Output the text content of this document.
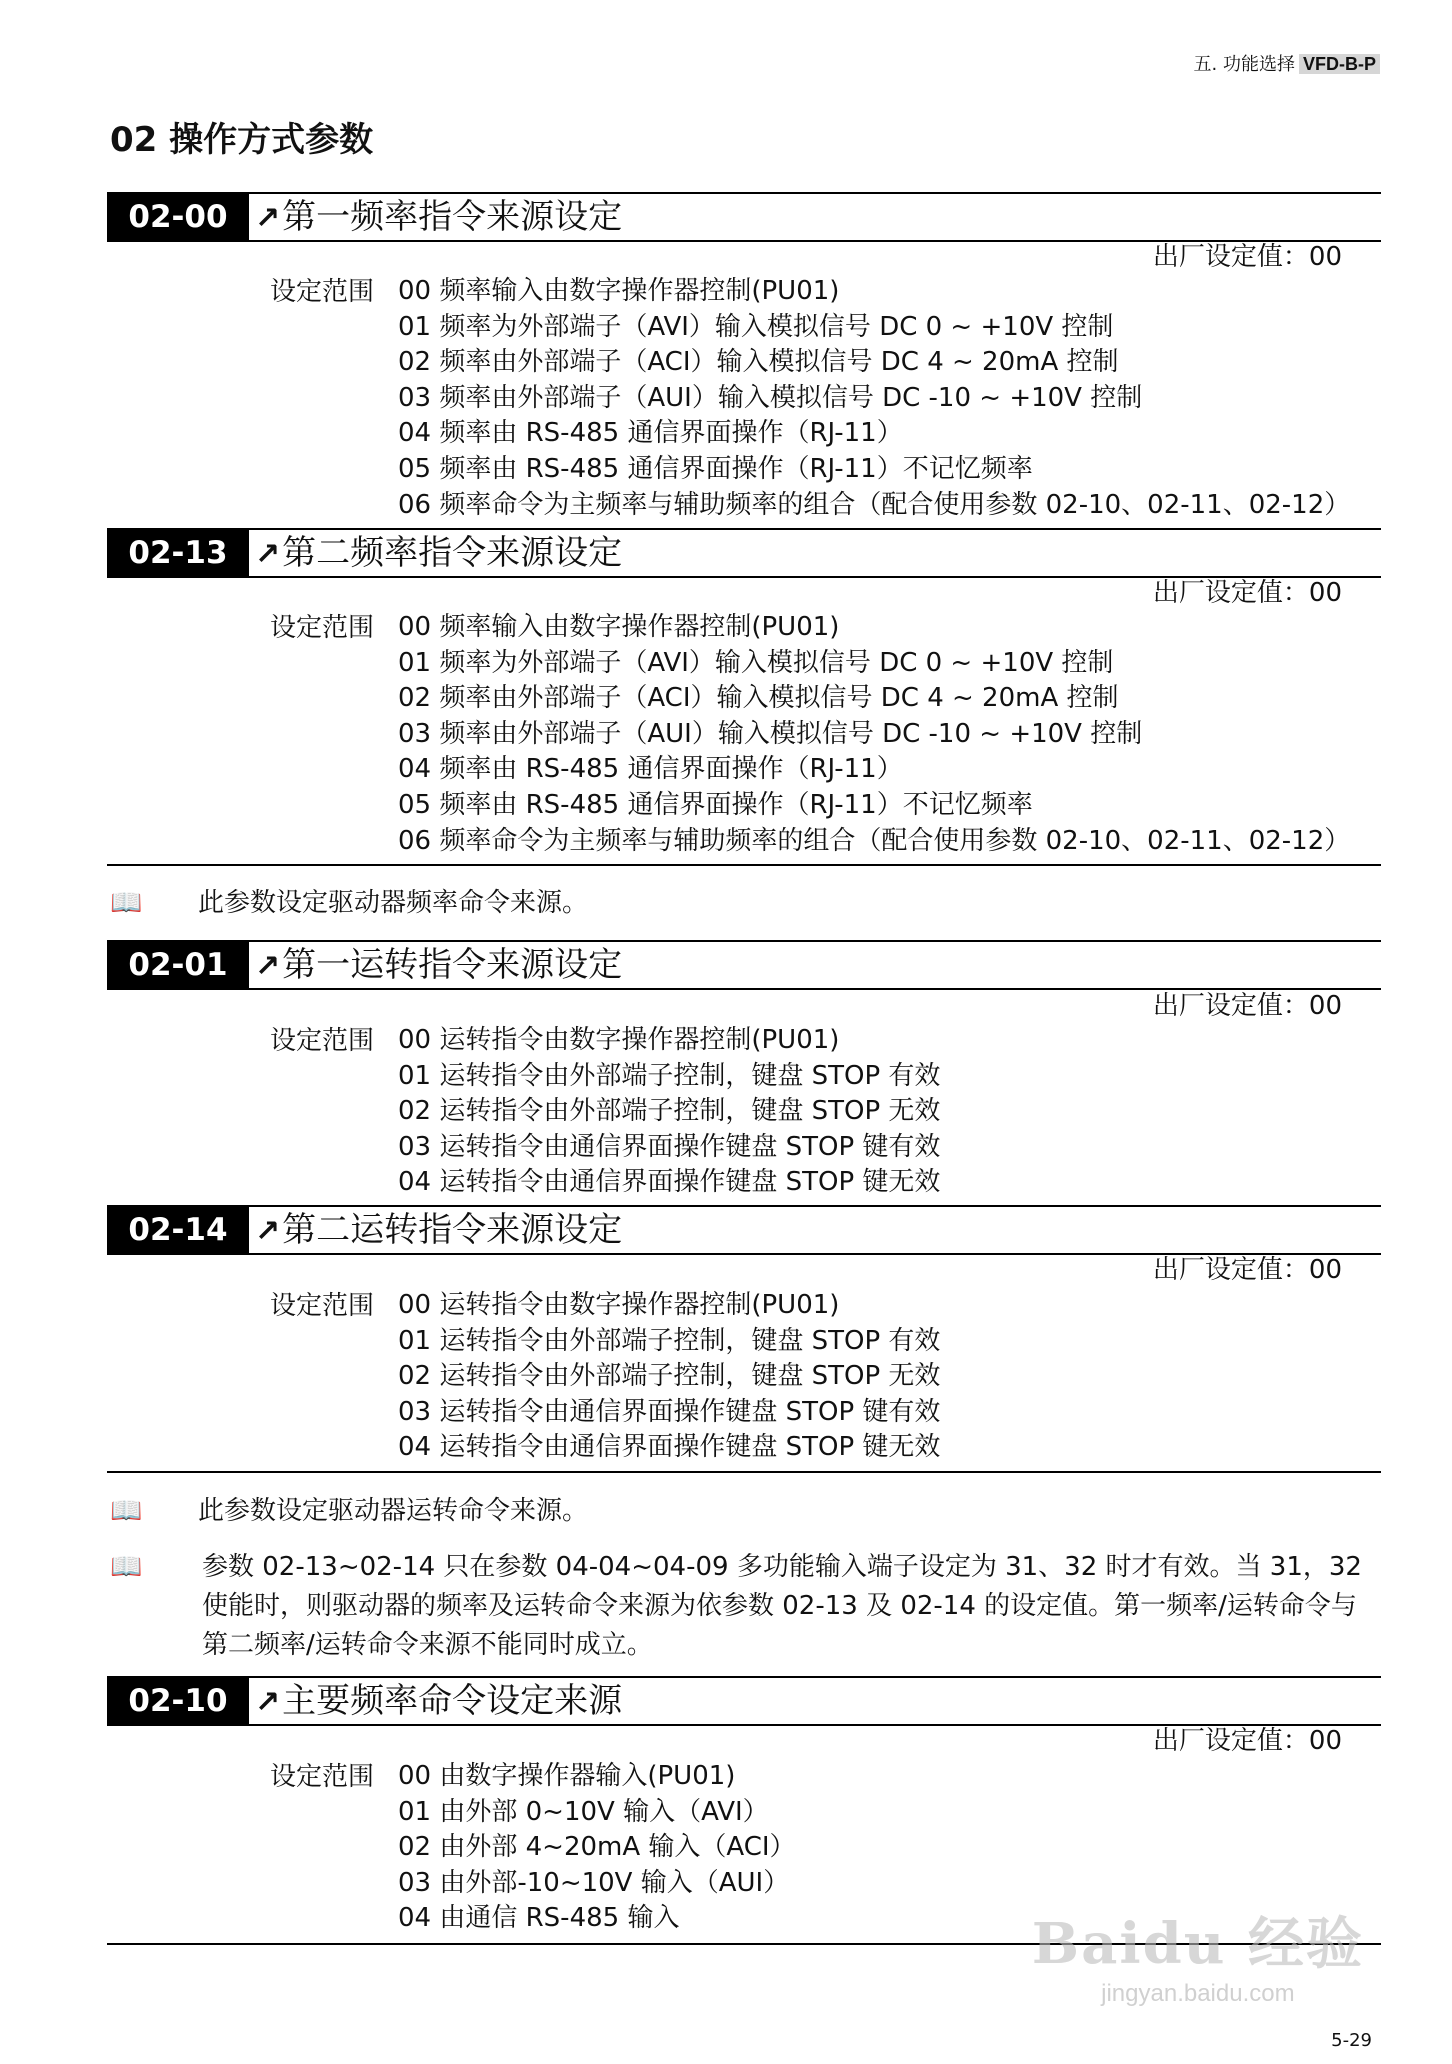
五. 功能选择 VFD-B-P
02 操作方式参数
02-00 ↗第一频率指令来源设定
出厂设定值：00
设定范围 00 频率输入由数字操作器控制(PU01)
01 频率为外部端子（AVI）输入模拟信号 DC 0 ~ +10V 控制
02 频率由外部端子（ACI）输入模拟信号 DC 4 ~ 20mA 控制
03 频率由外部端子（AUI）输入模拟信号 DC -10 ~ +10V 控制
04 频率由 RS-485 通信界面操作（RJ-11）
05 频率由 RS-485 通信界面操作（RJ-11）不记忆频率
06 频率命令为主频率与辅助频率的组合（配合使用参数 02-10、02-11、02-12）
02-13 ↗第二频率指令来源设定
出厂设定值：00
设定范围 00 频率输入由数字操作器控制(PU01)
01 频率为外部端子（AVI）输入模拟信号 DC 0 ~ +10V 控制
02 频率由外部端子（ACI）输入模拟信号 DC 4 ~ 20mA 控制
03 频率由外部端子（AUI）输入模拟信号 DC -10 ~ +10V 控制
04 频率由 RS-485 通信界面操作（RJ-11）
05 频率由 RS-485 通信界面操作（RJ-11）不记忆频率
06 频率命令为主频率与辅助频率的组合（配合使用参数 02-10、02-11、02-12）
📖 此参数设定驱动器频率命令来源。
02-01 ↗第一运转指令来源设定
出厂设定值：00
设定范围 00 运转指令由数字操作器控制(PU01)
01 运转指令由外部端子控制，键盘 STOP 有效
02 运转指令由外部端子控制，键盘 STOP 无效
03 运转指令由通信界面操作键盘 STOP 键有效
04 运转指令由通信界面操作键盘 STOP 键无效
02-14 ↗第二运转指令来源设定
出厂设定值：00
设定范围 00 运转指令由数字操作器控制(PU01)
01 运转指令由外部端子控制，键盘 STOP 有效
02 运转指令由外部端子控制，键盘 STOP 无效
03 运转指令由通信界面操作键盘 STOP 键有效
04 运转指令由通信界面操作键盘 STOP 键无效
📖 此参数设定驱动器运转命令来源。
📖 参数 02-13~02-14 只在参数 04-04~04-09 多功能输入端子设定为 31、32 时才有效。当 31，32 使能时，则驱动器的频率及运转命令来源为依参数 02-13 及 02-14 的设定值。第一频率/运转命令与第二频率/运转命令来源不能同时成立。
02-10 ↗主要频率命令设定来源
出厂设定值：00
设定范围 00 由数字操作器输入(PU01)
01 由外部 0~10V 输入（AVI）
02 由外部 4~20mA 输入（ACI）
03 由外部-10~10V 输入（AUI）
04 由通信 RS-485 输入	Baidu 经验
jingyan.baidu.com
5-29
